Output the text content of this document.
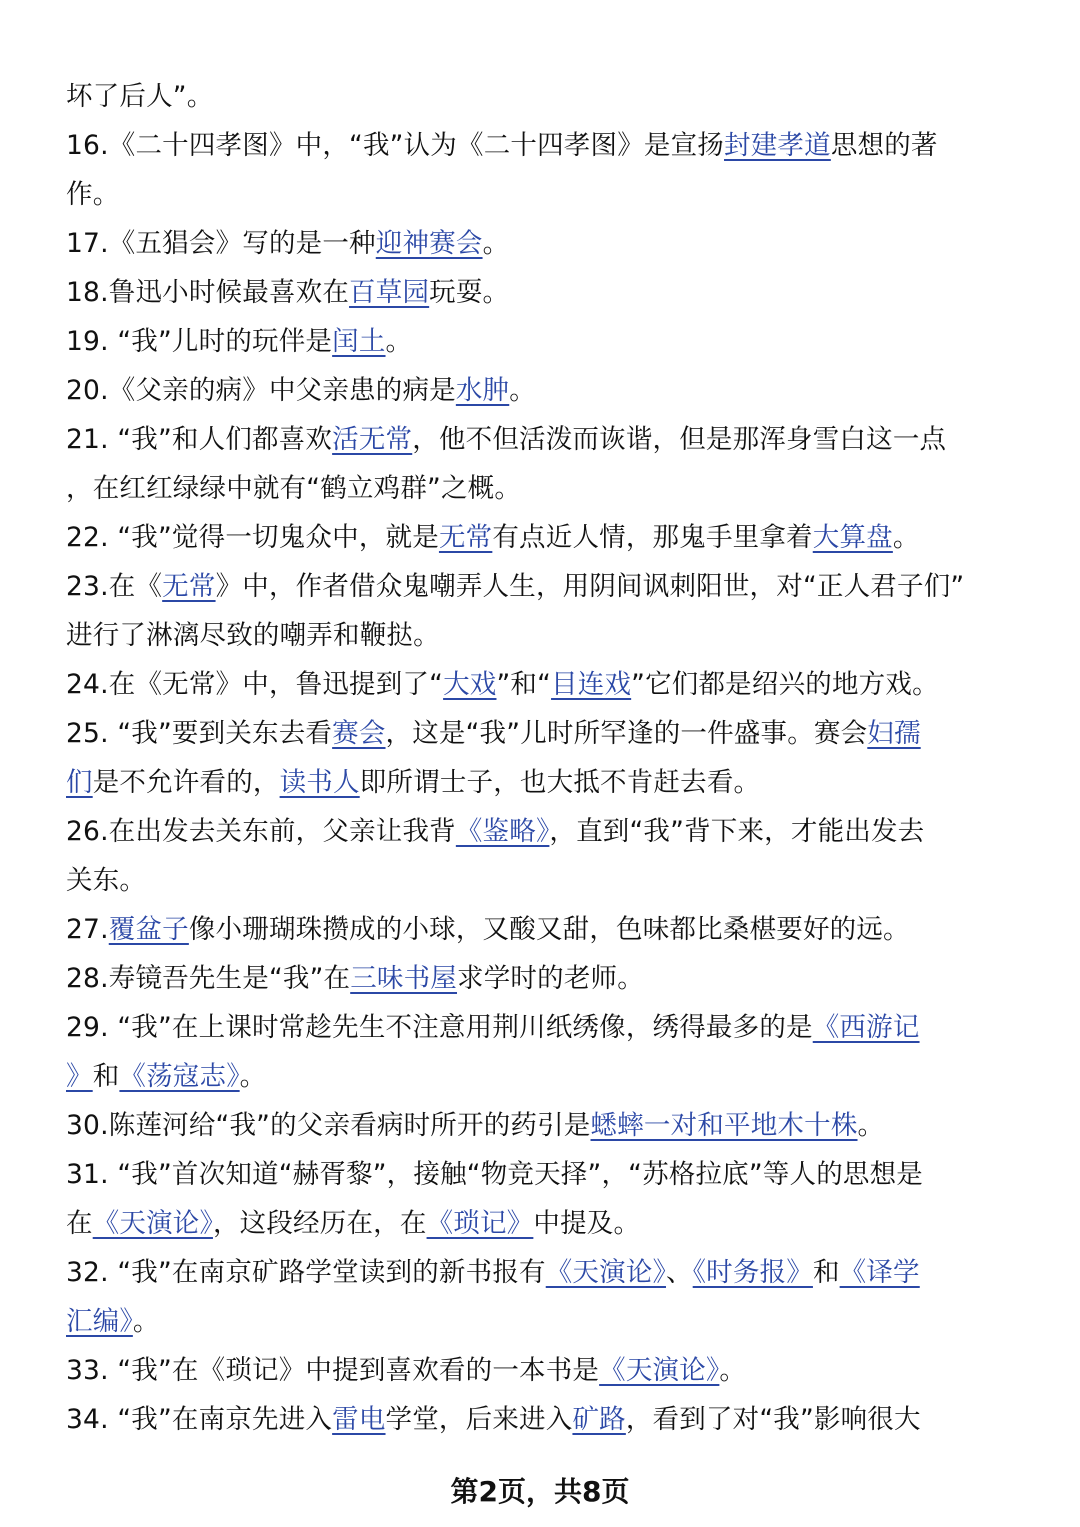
坏了后人”。
16.《二十四孝图》中，“我”认为《二十四孝图》是宣扬封建孝道思想的著
作。
17.《五猖会》写的是一种迎神赛会。
18.鲁迅小时候最喜欢在百草园玩耍。
19. “我”儿时的玩伴是闰土。
20.《父亲的病》中父亲患的病是水肿。
21. “我”和人们都喜欢活无常，他不但活泼而诙谐，但是那浑身雪白这一点
，在红红绿绿中就有“鹤立鸡群”之概。
22. “我”觉得一切鬼众中，就是无常有点近人情，那鬼手里拿着大算盘。
23.在《无常》中，作者借众鬼嘲弄人生，用阴间讽刺阳世，对“正人君子们”
进行了淋漓尽致的嘲弄和鞭挞。
24.在《无常》中，鲁迅提到了“大戏”和“目连戏”它们都是绍兴的地方戏。
25. “我”要到关东去看赛会，这是“我”儿时所罕逢的一件盛事。赛会妇孺
们是不允许看的，读书人即所谓士子，也大抵不肯赶去看。
26.在出发去关东前，父亲让我背《鉴略》，直到“我”背下来，才能出发去
关东。
27.覆盆子像小珊瑚珠攒成的小球，又酸又甜，色味都比桑椹要好的远。
28.寿镜吾先生是“我”在三味书屋求学时的老师。
29. “我”在上课时常趁先生不注意用荆川纸绣像，绣得最多的是《西游记
》和《荡寇志》。
30.陈莲河给“我”的父亲看病时所开的药引是蟋蟀一对和平地木十株。
31. “我”首次知道“赫胥黎”，接触“物竞天择”，“苏格拉底”等人的思想是
在《天演论》，这段经历在，在《琐记》中提及。
32. “我”在南京矿路学堂读到的新书报有《天演论》、《时务报》和《译学
汇编》。
33. “我”在《琐记》中提到喜欢看的一本书是《天演论》。
34. “我”在南京先进入雷电学堂，后来进入矿路，看到了对“我”影响很大
第2页，共8页
